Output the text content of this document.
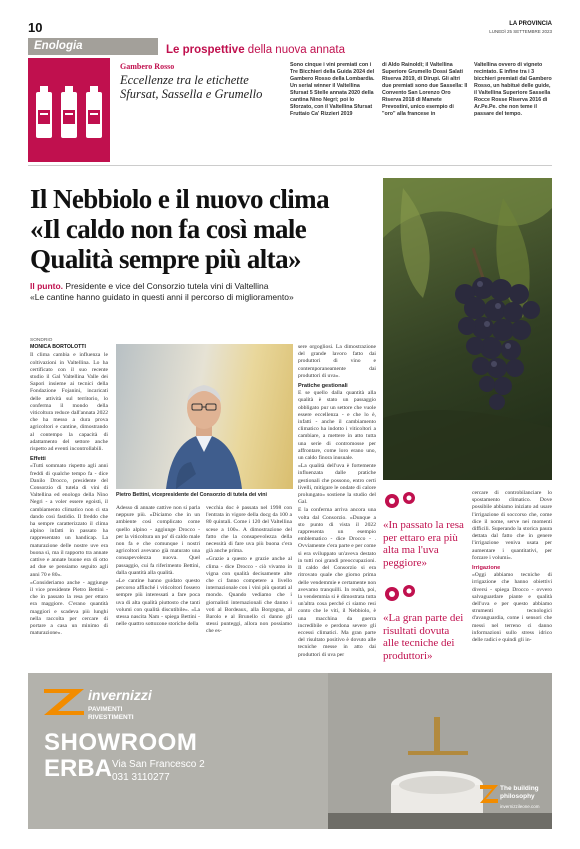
10	LA PROVINCIA
LUNEDÌ 25 SETTEMBRE 2023
Enologia	Le prospettive della nuova annata
Gambero Rosso
Eccellenze tra le etichette
Sfursat, Sassella e Grumello
Sono cinque i vini premiati con i Tre Bicchieri della Guida 2024 del Gambero Rosso della Lombardia. Un serial winner il Valtellina Sfursat 5 Stelle annata 2020 della cantina Nino Negri; poi lo Sforzato, con il Valtellina Sfursat Fruttaio Ca' Rizzieri 2019
di Aldo Rainoldi; il Valtellina Superiore Grumello Dossi Salati Riserva 2019, di Dirupi. Gli altri due premiati sono due Sassella: Il Convento San Lorenzo Oro Riserva 2018 di Mamete Prevostini, unico esempio di "oro" alla francese in
Valtellina ovvero di vigneto recintato. E infine tra i 3 bicchieri premiati dal Gambero Rosso, un habitué delle guide, il Valtellina Superiore Sassella Rocce Rosse Riserva 2016 di Ar.Pe.Pe. che non teme il passare del tempo.
Il Nebbiolo e il nuovo clima
«Il caldo non fa così male
Qualità sempre più alta»
Il punto. Presidente e vice del Consorzio tutela vini di Valtellina
«Le cantine hanno guidato in questi anni il percorso di miglioramento»
SONDRIO
MONICA BORTOLOTTI

Il clima cambia e influenza le coltivazioni in Valtellina. Lo ha certificato con il suo recente studio il Gal Valtellina Valle dei Sapori insieme ai tecnici della Fondazione Fojanini, incaricati delle attività sul territorio, lo conferma il mondo della viticoltura reduce dall'annata 2022 che ha messo a dura prova agricoltori e cantine, dimostrando al contempo la capacità di adattamento del settore anche rispetto ad eventi incontrollabili.

Effetti

«Tutti sommato rispetto agli anni freddi di qualche tempo fa - dice Danilo Drocco, presidente del Consorzio di tutela di vini di Valtellina ed enologo della Nino Negri - a voler essere egoisti, il cambiamento climatico non ci sta dando così fastidio. Il freddo che ha sempre caratterizzato il clima alpino infatti in passato ha rappresentato un handicap. La maturazione delle nostre uve era buona sì, ma il rapporto tra annate cattive e annate buone era di otto ad due se pensiamo seguito agli anni 70 e 80».

«Consideriamo anche - aggiunge il vice presidente Pietro Bettini - che in passato la resa per ettaro era maggiore. C'erano quantità maggiori e scadeva più lunghi nella raccolta per cercare di portare a casa un minimo di maturazione».

Pietro Bettini, vicepresidente del Consorzio di tutela dei vini

Adesso di annate cattive non si parla neppure più. «Diciamo che in un ambiente così complicato come quello alpino - aggiunge Drocco - per la viticoltura un po' di caldo male non fa e che comunque i nostri agricoltori avevano già maturato una consapevolezza nuova. Quel passaggio, cui fa riferimento Bettini, dalla quantità alla qualità.

«Le cantine hanno guidato questo percorso affinché i viticoltori fossero sempre più interessati a fare poca uva di alta qualità piuttosto che tanti volumi con qualità discutibile». «La stessa nascita Nam - spiega Bettini - nelle quattro sottozone storiche della

vecchia doc è passata nel 1998 con l'entrata in vigore della docg da 100 a 80 quintali. Come i 120 del Valtellina scese a 100». A dimostrazione del fatto che la consapevolezza della necessità di fare uva più buona c'era già anche prima.

«Grazie a questo e grazie anche al clima - dice Drocco - ciò vivamo in vigna con qualità decisamente alte che ci fanno competere a livello internazionale con i vini più quotati al mondo. Quando vediamo che i giornalisti internazionali che danno i voti al Bordeaux, alla Borgogna, al Barolo e al Brunello ci danno gli stessi punteggi, allora non possiamo che es-

sere orgogliosi. La dimostrazione del grande lavoro fatto dai produttori di vino e contemporaneamente dai produttori di uva».

Pratiche gestionali

E se quello dalla quantità alla qualità è stato un passaggio obbligato pur un settore che vuole essere eccellenza - e che lo è, infatti - anche il cambiamento climatico ha indotto i viticoltori a cambiare, a mettere in atto tutta una serie di contromosse per affrontare, come loro erano uno, un caldo finora inusuale.

«La qualità dell'uva è fortemente influenzata dalle pratiche gestionali che possono, entro certi livelli, mitigare le ondate di calore prolungato» sostiene la studio del Gal.

E la conferma arriva ancora una volta dal Consorzio. «Dunque a sto punto di vista il 2022 rappresenta un esempio emblematico - dice Drocco - . Ovviamente c'era parte e per come si era sviluppato un'aveva destato in tutti noi grandi preoccupazioni. Il caldo del Consorzio si era ritrovato quale che giorno prima delle vendemmie e certamente non avevamo tranquilli. In realtà, poi, la vendemmia si è dimostrata tutta un'altra cosa perché ci siamo resi conto che le viti, il Nebbiolo, è una macchina da guerra incredibile e perdona severe gli eccessi climatici. Ma gran parte del risultato positivo è dovuto alle tecniche messe in atto dai produttori di uva per

«In passato la resa per ettaro era più alta ma l'uva peggiore»
«La gran parte dei risultati dovuta alle tecniche dei produttori»

cercare di controbilanciare lo spostamento climatico. Dove possibile abbiamo iniziato ad usare l'irrigazione di soccorso che, come dice il nome, serve nei momenti difficili. Superando la storica paura dettata dal fatto che in genere l'irrigazione veniva usata per aumentare i quantitativi, per forzare i volumi».

Irrigazione

«Oggi abbiamo tecniche di irrigazione che hanno obiettivi diversi - spiega Drocco - ovvero salvaguardare piante e qualità dell'uva e per questo abbiamo strumenti tecnologici d'avanguardia, come i sensori che messi nel terreno ci danno informazioni sullo stress idrico delle radici e quindi gli in-

invernizzi
PAVIMENTI
RIVESTIMENTI
SHOWROOM
ERBA Via San Francesco 2
031 3110277
The building
philosophy
invernizzileone.com
